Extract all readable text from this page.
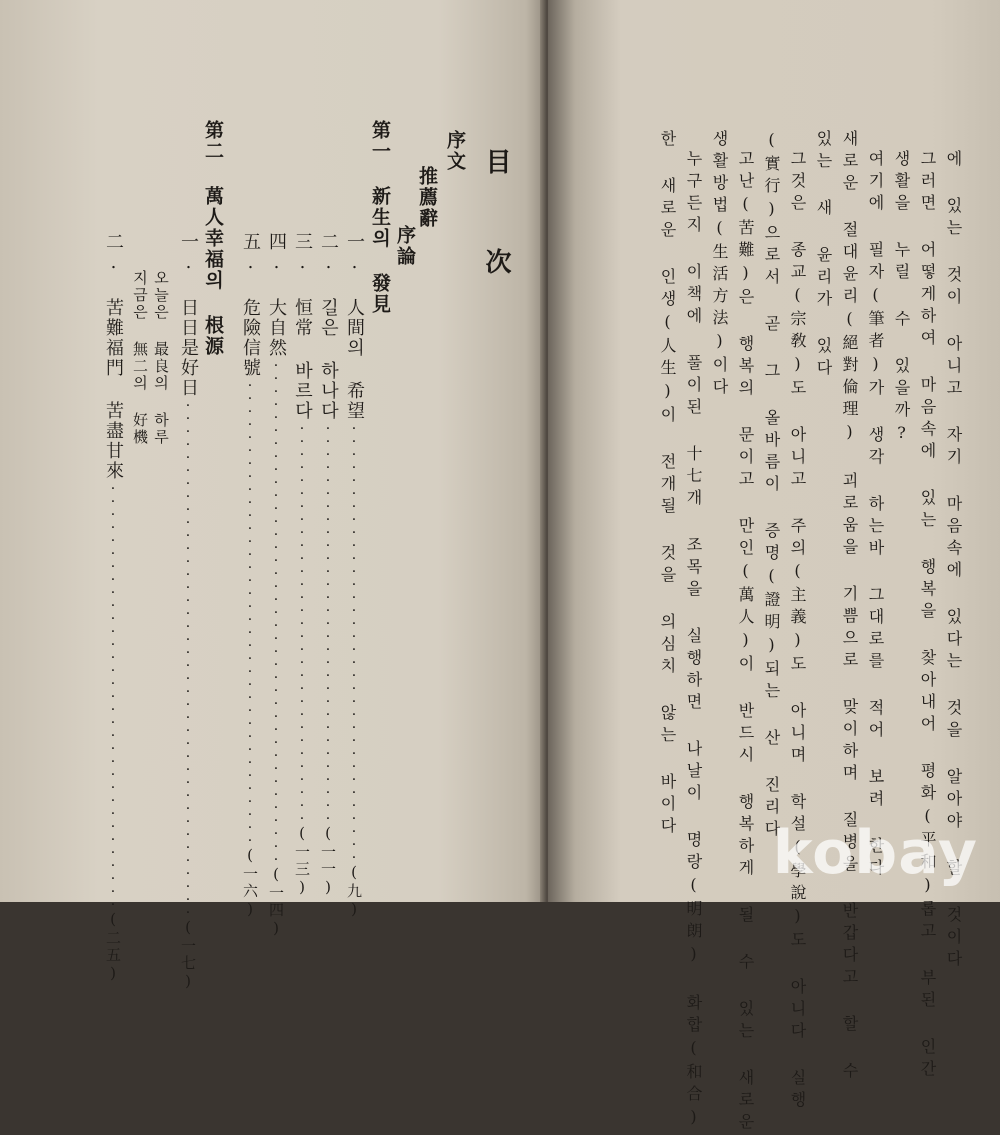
目 次
序文
推薦辭
序論
第一 新生의 發見
一. 人間의 希望··································(九)
二. 길은 하나다·······························(一一)
三. 恒常 바르다·······························(一三)
四. 大自然·······································(一四)
五. 危險信號····································(一六)
第二 萬人幸福의 根源
一. 日日是好日········································(一七)
오늘은 最良의 하루
二. 苦難福門 苦盡甘來·································(二五)
지금은 無二의 好機	에 있는 것이 아니고 자기 마음속에 있다는 것을 알아야 할 것이다
그러면 어떻게하여 마음속에 있는 행복을 찾아내어 평화(平和)롭고 부된 인간
생활을 누릴 수 있을까?
여기에 필자(筆者)가 생각 하는바 그대로를 적어 보려 한다
새로운 절대윤리(絕對倫理) 괴로움을 기쁨으로 맞이하며 질병을 반갑다고 할 수
있는 새 윤리가 있다
그것은 종교(宗敎)도 아니고 주의(主義)도 아니며 학설(學說)도 아니다 실행
(實行)으로서 곧 그 올바름이 증명(證明)되는 산 진리다
고난(苦難)은 행복의 문이고 만인(萬人)이 반드시 행복하게 될 수 있는 새로운
생활방법(生活方法)이다
누구든지 이책에 풀이된 十七개 조목을 실행하면 나날이 명랑(明朗) 화합(和合)
한 새로운 인생(人生)이 전개될 것을 의심치 않는 바이다
kobay
